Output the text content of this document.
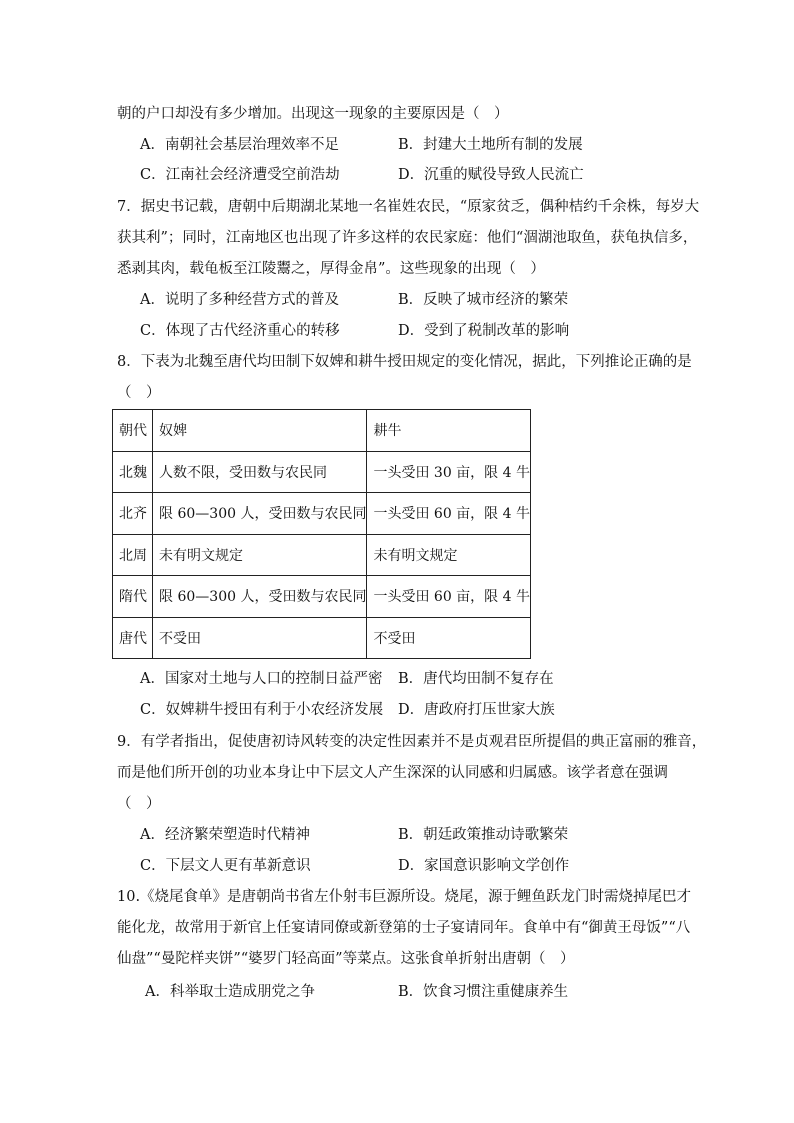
朝的户口却没有多少增加。出现这一现象的主要原因是（　）
A．南朝社会基层治理效率不足	B．封建大土地所有制的发展
C．江南社会经济遭受空前浩劫	D．沉重的赋役导致人民流亡
7．据史书记载，唐朝中后期湖北某地一名崔姓农民，“原家贫乏，偶种桔约千余株，每岁大
获其利”；同时，江南地区也出现了许多这样的农民家庭：他们“涸湖池取鱼，获龟执信多，
悉剥其肉，载龟板至江陵鬻之，厚得金帛”。这些现象的出现（　）
A．说明了多种经营方式的普及	B．反映了城市经济的繁荣
C．体现了古代经济重心的转移	D．受到了税制改革的影响
8．下表为北魏至唐代均田制下奴婢和耕牛授田规定的变化情况，据此，下列推论正确的是
（　）
朝代	奴婢	耕牛
北魏	人数不限，受田数与农民同	一头受田 30 亩，限 4 牛
北齐	限 60—300 人，受田数与农民同	一头受田 60 亩，限 4 牛
北周	未有明文规定	未有明文规定
隋代	限 60—300 人，受田数与农民同	一头受田 60 亩，限 4 牛
唐代	不受田	不受田
A．国家对土地与人口的控制日益严密 B．唐代均田制不复存在
C．奴婢耕牛授田有利于小农经济发展 D．唐政府打压世家大族
9．有学者指出，促使唐初诗风转变的决定性因素并不是贞观君臣所提倡的典正富丽的雅音，
而是他们所开创的功业本身让中下层文人产生深深的认同感和归属感。该学者意在强调
（　）
A．经济繁荣塑造时代精神	B．朝廷政策推动诗歌繁荣
C．下层文人更有革新意识	D．家国意识影响文学创作
10.《烧尾食单》是唐朝尚书省左仆射韦巨源所设。烧尾，源于鲤鱼跃龙门时需烧掉尾巴才
能化龙，故常用于新官上任宴请同僚或新登第的士子宴请同年。食单中有“御黄王母饭”“八
仙盘”“曼陀样夹饼”“婆罗门轻高面”等菜点。这张食单折射出唐朝（　）
A．科举取士造成朋党之争	B．饮食习惯注重健康养生
